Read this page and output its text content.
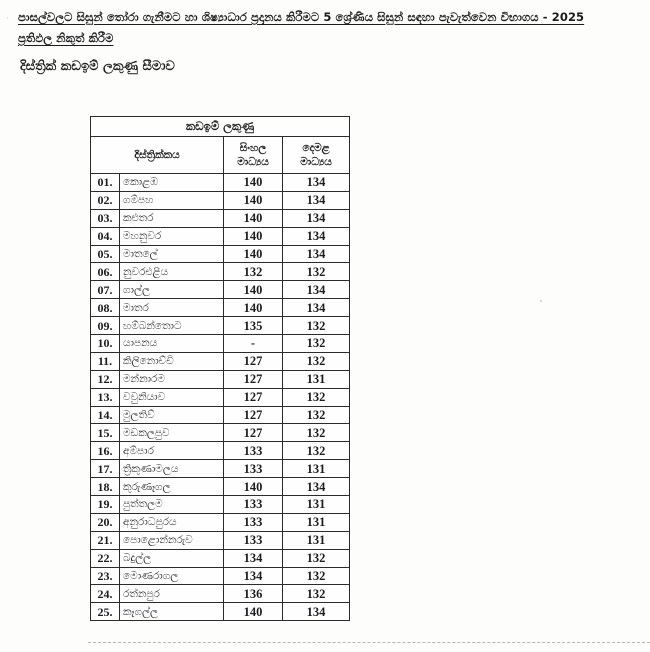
පාසල්වලට සිසුන් තෝරා ගැනීමට හා ශිෂ්‍යාධාර ප්‍රදානය කිරීමට 5 ශ්‍රේණිය සිසුන් සඳහා පැවැත්වෙන විභාගය - 2025
ප්‍රතිඵල නිකුත් කිරීම
දිස්ත්‍රික් කඩඉම් ලකුණු සීමාව
කඩඉම් ලකුණු			
දිස්ත්‍රික්කය		සිංහල මාධ්‍යය	දෙමළ මාධ්‍යය
01.	කොළඹ	140	134
02.	ගම්පහ	140	134
03.	කළුතර	140	134
04.	මහනුවර	140	134
05.	මාතලේ	140	134
06.	නුවරඑළිය	132	132
07.	ගාල්ල	140	134
08.	මාතර	140	134
09.	හම්බන්තොට	135	132
10.	යාපනය	-	132
11.	කිලිනොච්චි	127	132
12.	මන්නාරම	127	131
13.	වවුනියාව	127	132
14.	මුලතිව්	127	132
15.	මඩකලපුව	127	132
16.	අම්පාර	133	132
17.	ත්‍රිකුණාමලය	133	131
18.	කුරුණෑගල	140	134
19.	පුත්තලම	133	131
20.	අනුරාධපුරය	133	131
21.	පොළොන්නරුව	133	131
22.	බදුල්ල	134	132
23.	මොණරාගල	134	132
24.	රත්නපුර	136	132
25.	කෑගල්ල	140	134
·
